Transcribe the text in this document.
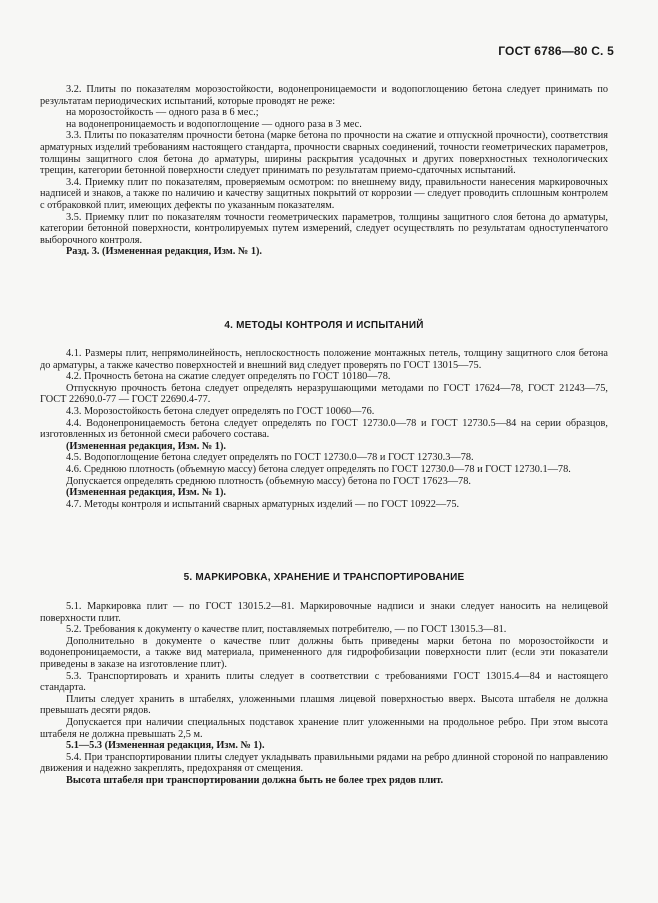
ГОСТ 6786—80 С. 5

3.2. Плиты по показателям морозостойкости, водонепроницаемости и водопоглощению бетона следует принимать по результатам периодических испытаний, которые проводят не реже:

на морозостойкость — одного раза в 6 мес.;

на водонепроницаемость и водопоглощение — одного раза в 3 мес.

3.3. Плиты по показателям прочности бетона (марке бетона по прочности на сжатие и отпускной прочности), соответствия арматурных изделий требованиям настоящего стандарта, прочности сварных соединений, точности геометрических параметров, толщины защитного слоя бетона до арматуры, ширины раскрытия усадочных и других поверхностных технологических трещин, категории бетонной поверхности следует принимать по результатам приемо-сдаточных испытаний.

3.4. Приемку плит по показателям, проверяемым осмотром: по внешнему виду, правильности нанесения маркировочных надписей и знаков, а также по наличию и качеству защитных покрытий от коррозии — следует проводить сплошным контролем с отбраковкой плит, имеющих дефекты по указанным показателям.

3.5. Приемку плит по показателям точности геометрических параметров, толщины защитного слоя бетона до арматуры, категории бетонной поверхности, контролируемых путем измерений, следует осуществлять по результатам одноступенчатого выборочного контроля.

Разд. 3. (Измененная редакция, Изм. № 1).

4. МЕТОДЫ КОНТРОЛЯ И ИСПЫТАНИЙ

4.1. Размеры плит, непрямолинейность, неплоскостность положение монтажных петель, толщину защитного слоя бетона до арматуры, а также качество поверхностей и внешний вид следует проверять по ГОСТ 13015—75.

4.2. Прочность бетона на сжатие следует определять по ГОСТ 10180—78.

Отпускную прочность бетона следует определять неразрушающими методами по ГОСТ 17624—78, ГОСТ 21243—75, ГОСТ 22690.0-77 — ГОСТ 22690.4-77.

4.3. Морозостойкость бетона следует определять по ГОСТ 10060—76.

4.4. Водонепроницаемость бетона следует определять по ГОСТ 12730.0—78 и ГОСТ 12730.5—84 на серии образцов, изготовленных из бетонной смеси рабочего состава.

(Измененная редакция, Изм. № 1).

4.5. Водопоглощение бетона следует определять по ГОСТ 12730.0—78 и ГОСТ 12730.3—78.

4.6. Среднюю плотность (объемную массу) бетона следует определять по ГОСТ 12730.0—78 и ГОСТ 12730.1—78.

Допускается определять среднюю плотность (объемную массу) бетона по ГОСТ 17623—78.

(Измененная редакция, Изм. № 1).

4.7. Методы контроля и испытаний сварных арматурных изделий — по ГОСТ 10922—75.

5. МАРКИРОВКА, ХРАНЕНИЕ И ТРАНСПОРТИРОВАНИЕ

5.1. Маркировка плит — по ГОСТ 13015.2—81. Маркировочные надписи и знаки следует наносить на нелицевой поверхности плит.

5.2. Требования к документу о качестве плит, поставляемых потребителю, — по ГОСТ 13015.3—81.

Дополнительно в документе о качестве плит должны быть приведены марки бетона по морозостойкости и водонепроницаемости, а также вид материала, примененного для гидрофобизации поверхности плит (если эти показатели приведены в заказе на изготовление плит).

5.3. Транспортировать и хранить плиты следует в соответствии с требованиями ГОСТ 13015.4—84 и настоящего стандарта.

Плиты следует хранить в штабелях, уложенными плашмя лицевой поверхностью вверх. Высота штабеля не должна превышать десяти рядов.

Допускается при наличии специальных подставок хранение плит уложенными на продольное ребро. При этом высота штабеля не должна превышать 2,5 м.

5.1—5.3 (Измененная редакция, Изм. № 1).

5.4. При транспортировании плиты следует укладывать правильными рядами на ребро длинной стороной по направлению движения и надежно закреплять, предохраняя от смещения.

Высота штабеля при транспортировании должна быть не более трех рядов плит.
